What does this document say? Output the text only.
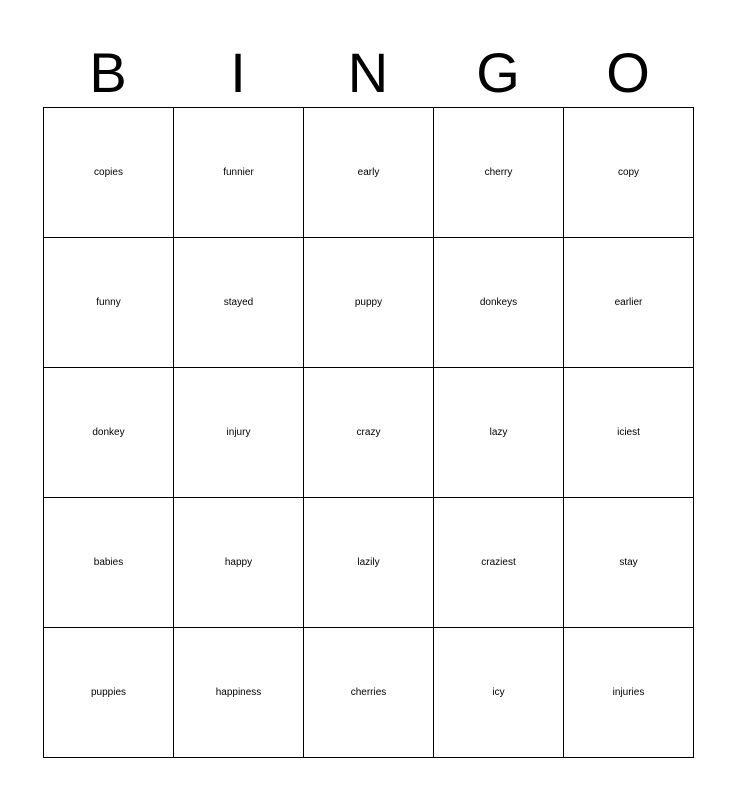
B	I	N	G	O
copies	funnier	early	cherry	copy
funny	stayed	puppy	donkeys	earlier
donkey	injury	crazy	lazy	iciest
babies	happy	lazily	craziest	stay
puppies	happiness	cherries	icy	injuries
